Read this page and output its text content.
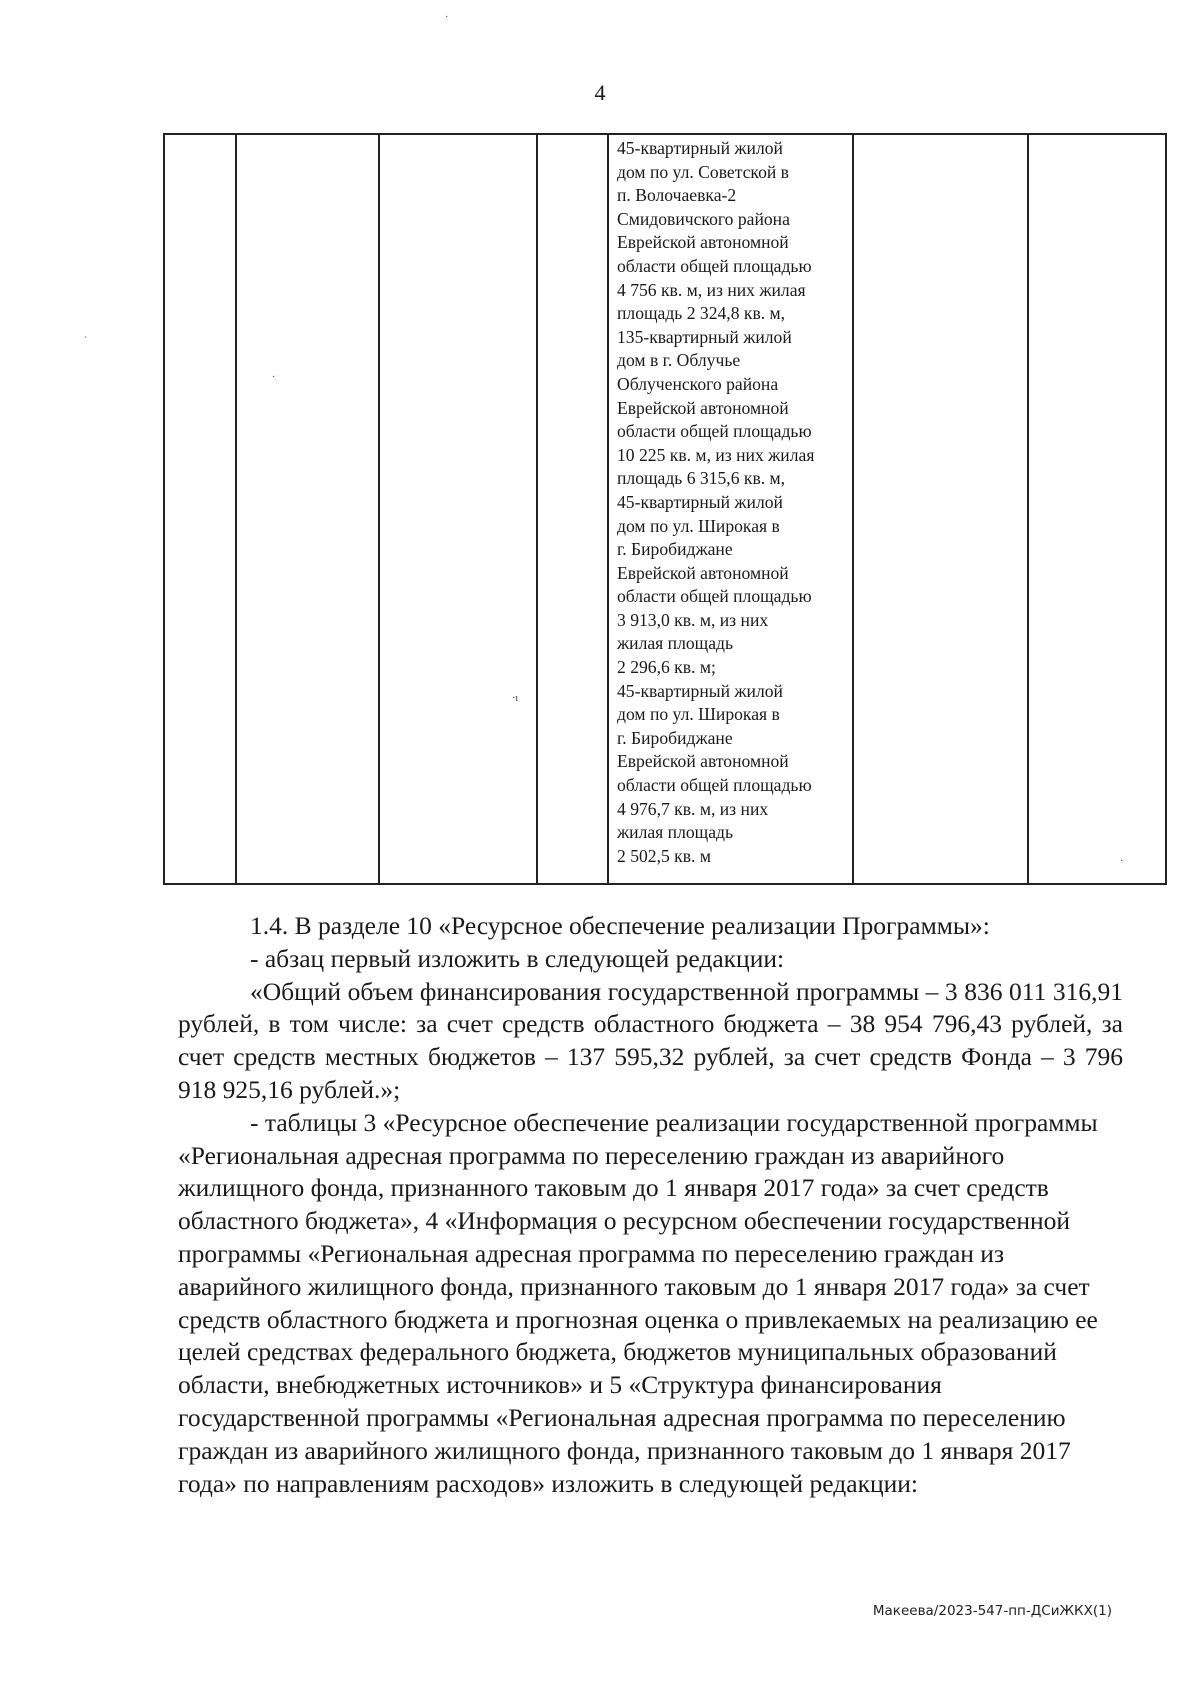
4

45-квартирный жилой
дом по ул. Советской в
п. Волочаевка-2
Смидовичского района
Еврейской автономной
области общей площадью
4 756 кв. м, из них жилая
площадь 2 324,8 кв. м,
135-квартирный жилой
дом в г. Облучье
Облученского района
Еврейской автономной
области общей площадью
10 225 кв. м, из них жилая
площадь 6 315,6 кв. м,
45-квартирный жилой
дом по ул. Широкая в
г. Биробиджане
Еврейской автономной
области общей площадью
3 913,0 кв. м, из них
жилая площадь
2 296,6 кв. м;
45-квартирный жилой
дом по ул. Широкая в
г. Биробиджане
Еврейской автономной
области общей площадью
4 976,7 кв. м, из них
жилая площадь
2 502,5 кв. м

·
ˋ
·
·ı
·

1.4. В разделе 10 «Ресурсное обеспечение реализации Программы»:

- абзац первый изложить в следующей редакции:

«Общий объем финансирования государственной программы – 3 836 011 316,91 рублей, в том числе: за счет средств областного бюджета – 38 954 796,43 рублей, за счет средств местных бюджетов – 137 595,32 рублей, за счет средств Фонда – 3 796 918 925,16 рублей.»;

- таблицы 3 «Ресурсное обеспечение реализации государственной программы «Региональная адресная программа по переселению граждан из аварийного жилищного фонда, признанного таковым до 1 января 2017 года» за счет средств областного бюджета», 4 «Информация о ресурсном обеспечении государственной программы «Региональная адресная программа по переселению граждан из аварийного жилищного фонда, признанного таковым до 1 января 2017 года» за счет средств областного бюджета и прогнозная оценка о привлекаемых на реализацию ее целей средствах федерального бюджета, бюджетов муниципальных образований области, внебюджетных источников» и 5 «Структура финансирования государственной программы «Региональная адресная программа по переселению граждан из аварийного жилищного фонда, признанного таковым до 1 января 2017 года» по направлениям расходов» изложить в следующей редакции:

Макеева/2023-547-пп-ДСиЖКХ(1)
